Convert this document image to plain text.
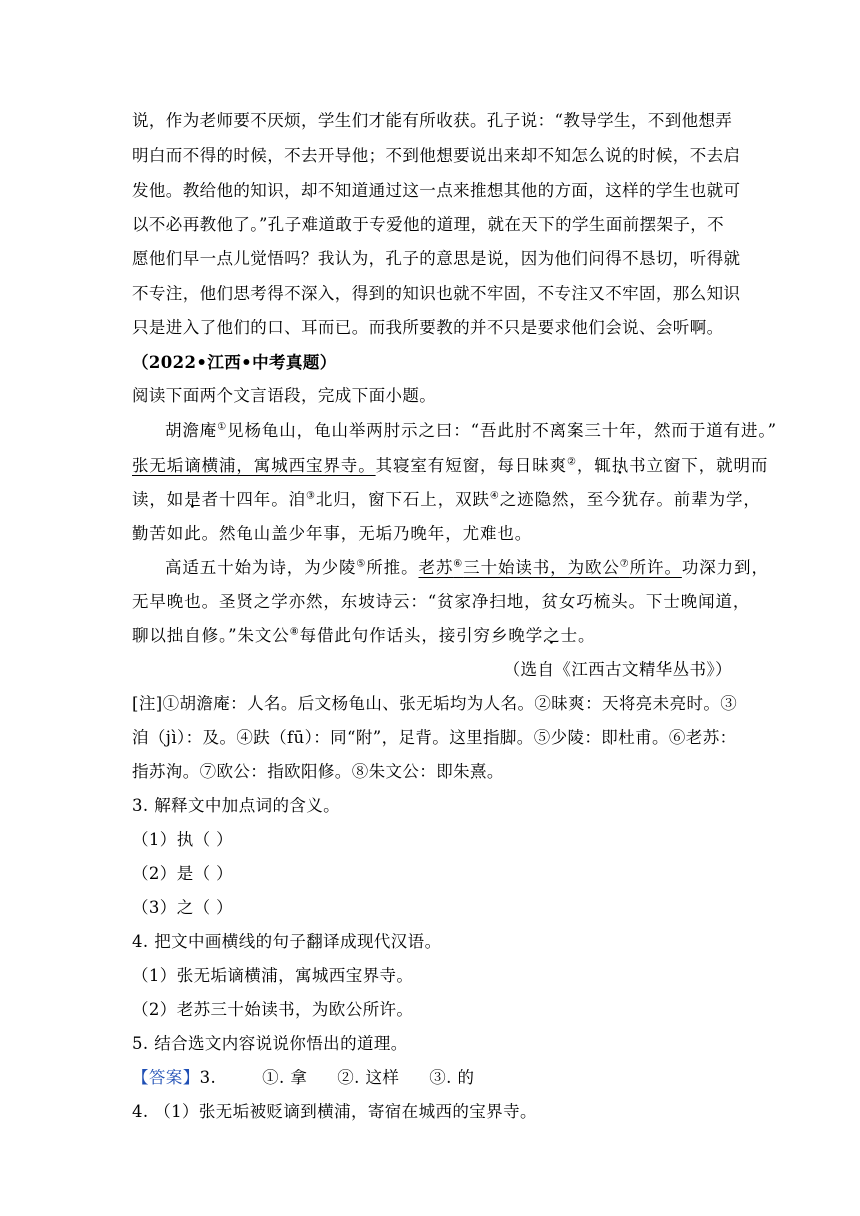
说，作为老师要不厌烦，学生们才能有所收获。孔子说：“教导学生，不到他想弄
明白而不得的时候，不去开导他；不到他想要说出来却不知怎么说的时候，不去启
发他。教给他的知识，却不知道通过这一点来推想其他的方面，这样的学生也就可
以不必再教他了。”孔子难道敢于专爱他的道理，就在天下的学生面前摆架子，不
愿他们早一点儿觉悟吗？我认为，孔子的意思是说，因为他们问得不恳切，听得就
不专注，他们思考得不深入，得到的知识也就不牢固，不专注又不牢固，那么知识
只是进入了他们的口、耳而已。而我所要教的并不只是要求他们会说、会听啊。
（2022•江西•中考真题）
阅读下面两个文言语段，完成下面小题。
胡澹庵①见杨龟山，龟山举两肘示之曰：“吾此肘不离案三十年，然而于道有进。”
张无垢谪横浦，寓城西宝界寺。其寝室有短窗，每日昧爽②，辄执书立窗下，就明而
读，如是者十四年。洎③北归，窗下石上，双趺④之迹隐然，至今犹存。前辈为学，
勤苦如此。然龟山盖少年事，无垢乃晚年，尤难也。
高适五十始为诗，为少陵⑤所推。老苏⑥三十始读书，为欧公⑦所许。功深力到，
无早晚也。圣贤之学亦然，东坡诗云：“贫家净扫地，贫女巧梳头。下士晚闻道，
聊以拙自修。”朱文公⑧每借此句作话头，接引穷乡晚学之士。
（选自《江西古文精华丛书》）
[注]①胡澹庵：人名。后文杨龟山、张无垢均为人名。②昧爽：天将亮未亮时。③
洎（jì）：及。④趺（fū）：同“附”，足背。这里指脚。⑤少陵：即杜甫。⑥老苏：
指苏洵。⑦欧公：指欧阳修。⑧朱文公：即朱熹。
3. 解释文中加点词的含义。
（1）执（ ）
（2）是（ ）
（3）之（ ）
4. 把文中画横线的句子翻译成现代汉语。
（1）张无垢谪横浦，寓城西宝界寺。
（2）老苏三十始读书，为欧公所许。
5. 结合选文内容说说你悟出的道理。
【答案】3.	①. 拿 ②. 这样 ③. 的
4. （1）张无垢被贬谪到横浦，寄宿在城西的宝界寺。
